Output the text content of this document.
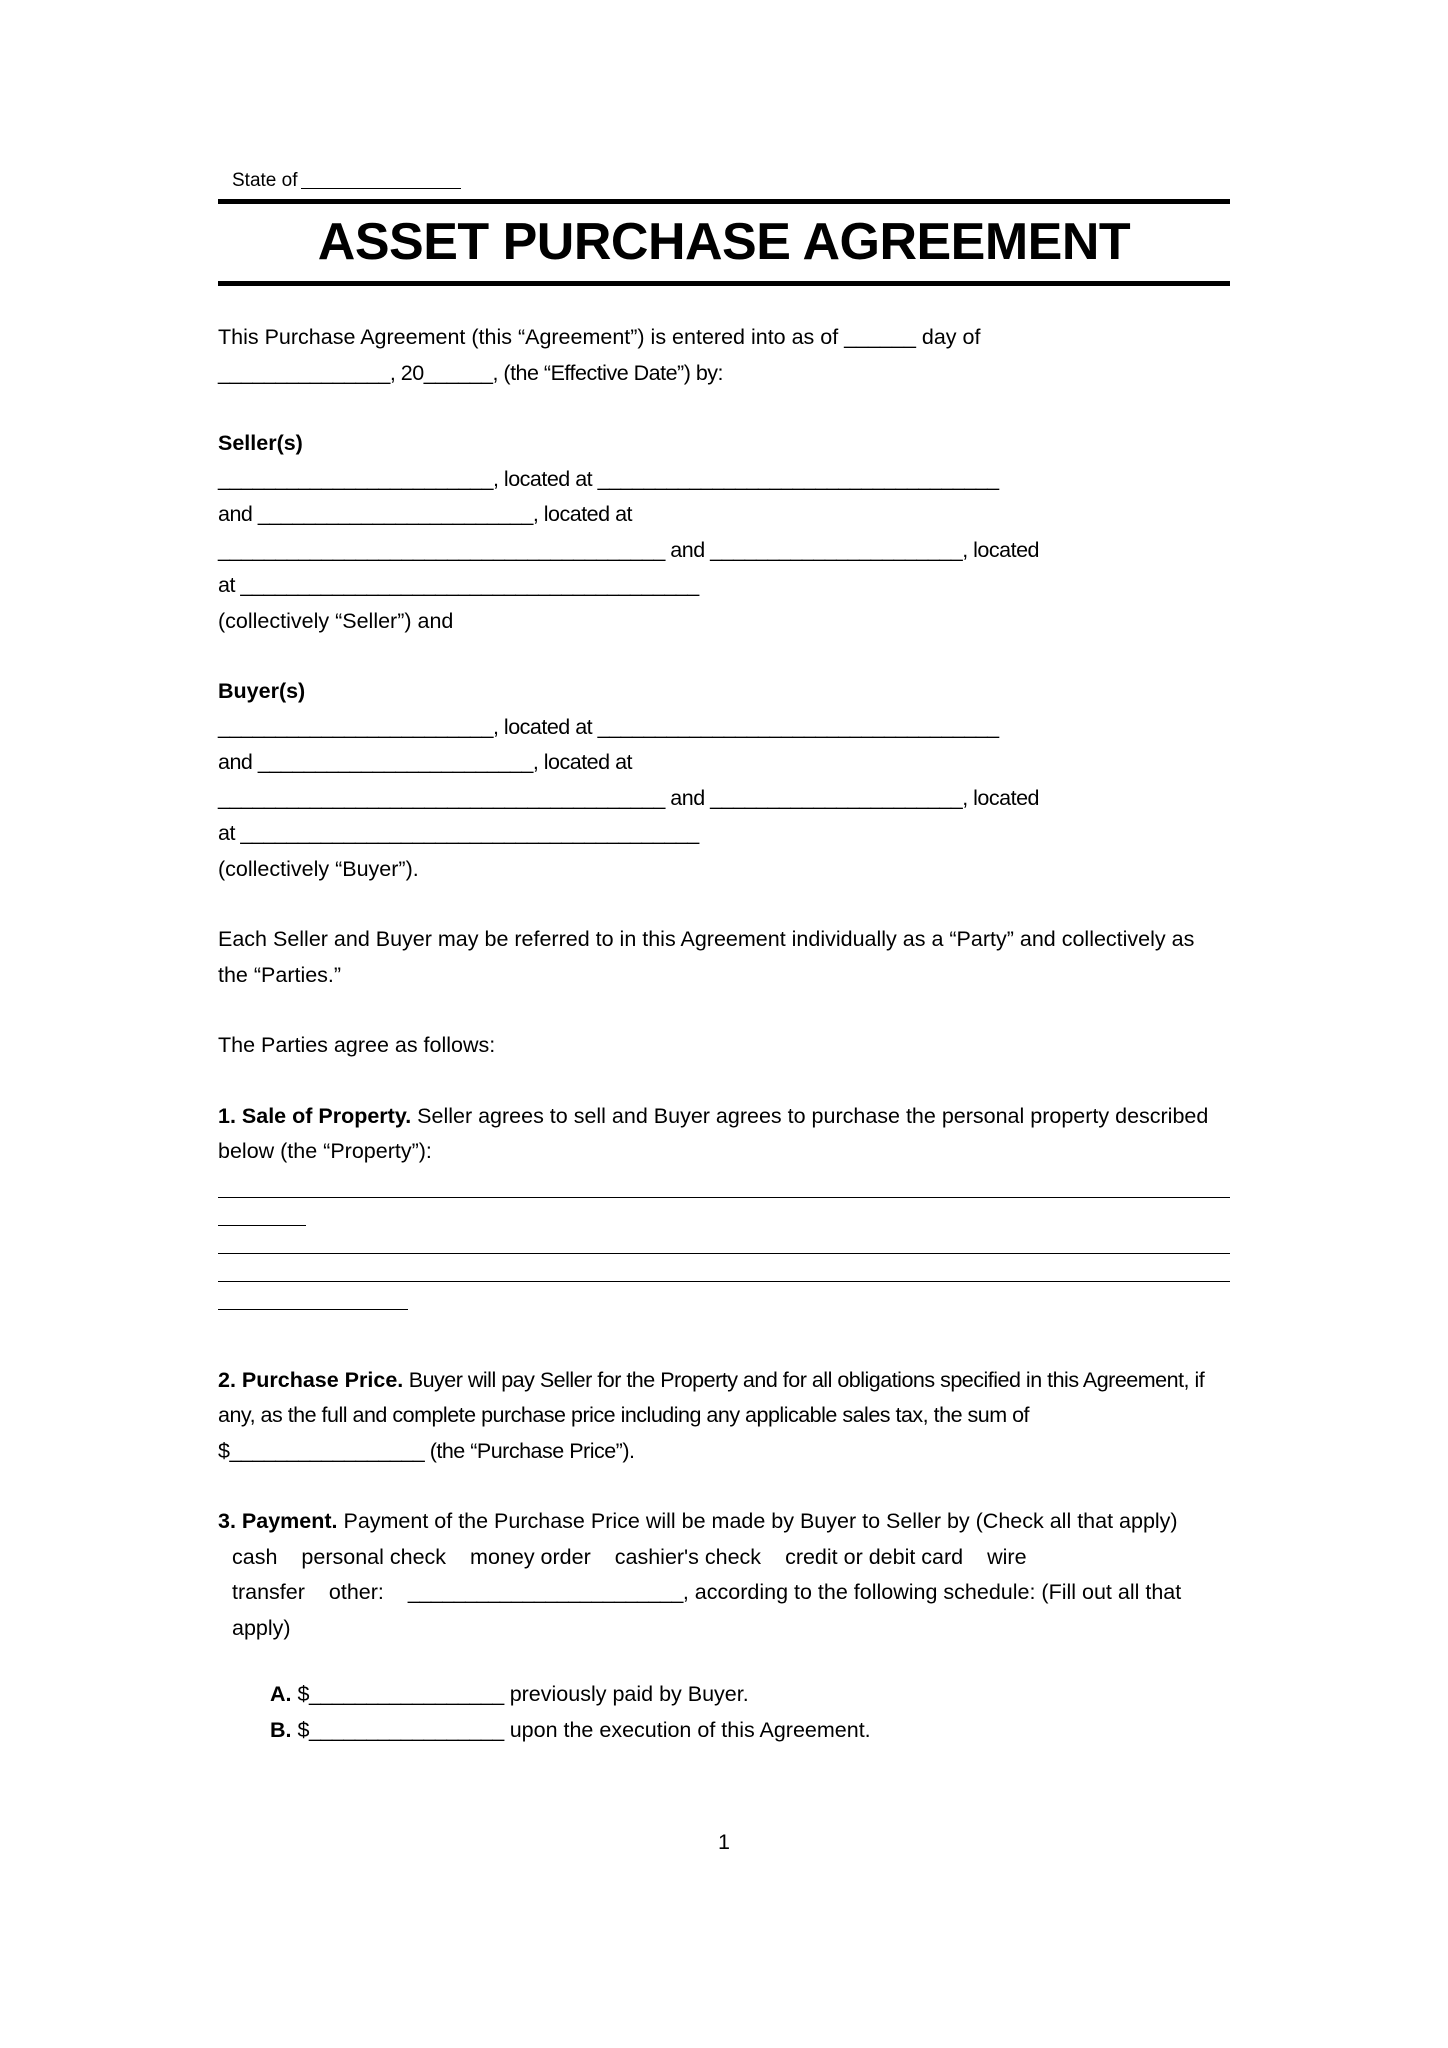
State of
ASSET PURCHASE AGREEMENT

This Purchase Agreement (this “Agreement”) is entered into as of ______ day of

_______________, 20______, (the “Effective Date”) by:

Seller(s)

________________________, located at ___________________________________

and ________________________, located at

_______________________________________ and ______________________, located

at ________________________________________

(collectively “Seller”) and

Buyer(s)

________________________, located at ___________________________________

and ________________________, located at

_______________________________________ and ______________________, located

at ________________________________________

(collectively “Buyer”).

Each Seller and Buyer may be referred to in this Agreement individually as a “Party” and collectively as the “Parties.”

The Parties agree as follows:

1. Sale of Property. Seller agrees to sell and Buyer agrees to purchase the personal property described below (the “Property”):

2. Purchase Price. Buyer will pay Seller for the Property and for all obligations specified in this Agreement, if any, as the full and complete purchase price including any applicable sales tax, the sum of $_________________ (the “Purchase Price”).

3. Payment. Payment of the Purchase Price will be made by Buyer to Seller by (Check all that apply)

cash personal check money order cashier's check credit or debit card wire transfer other: ________________________, according to the following schedule: (Fill out all that apply)
A. $_________________ previously paid by Buyer.
B. $_________________ upon the execution of this Agreement.
1
